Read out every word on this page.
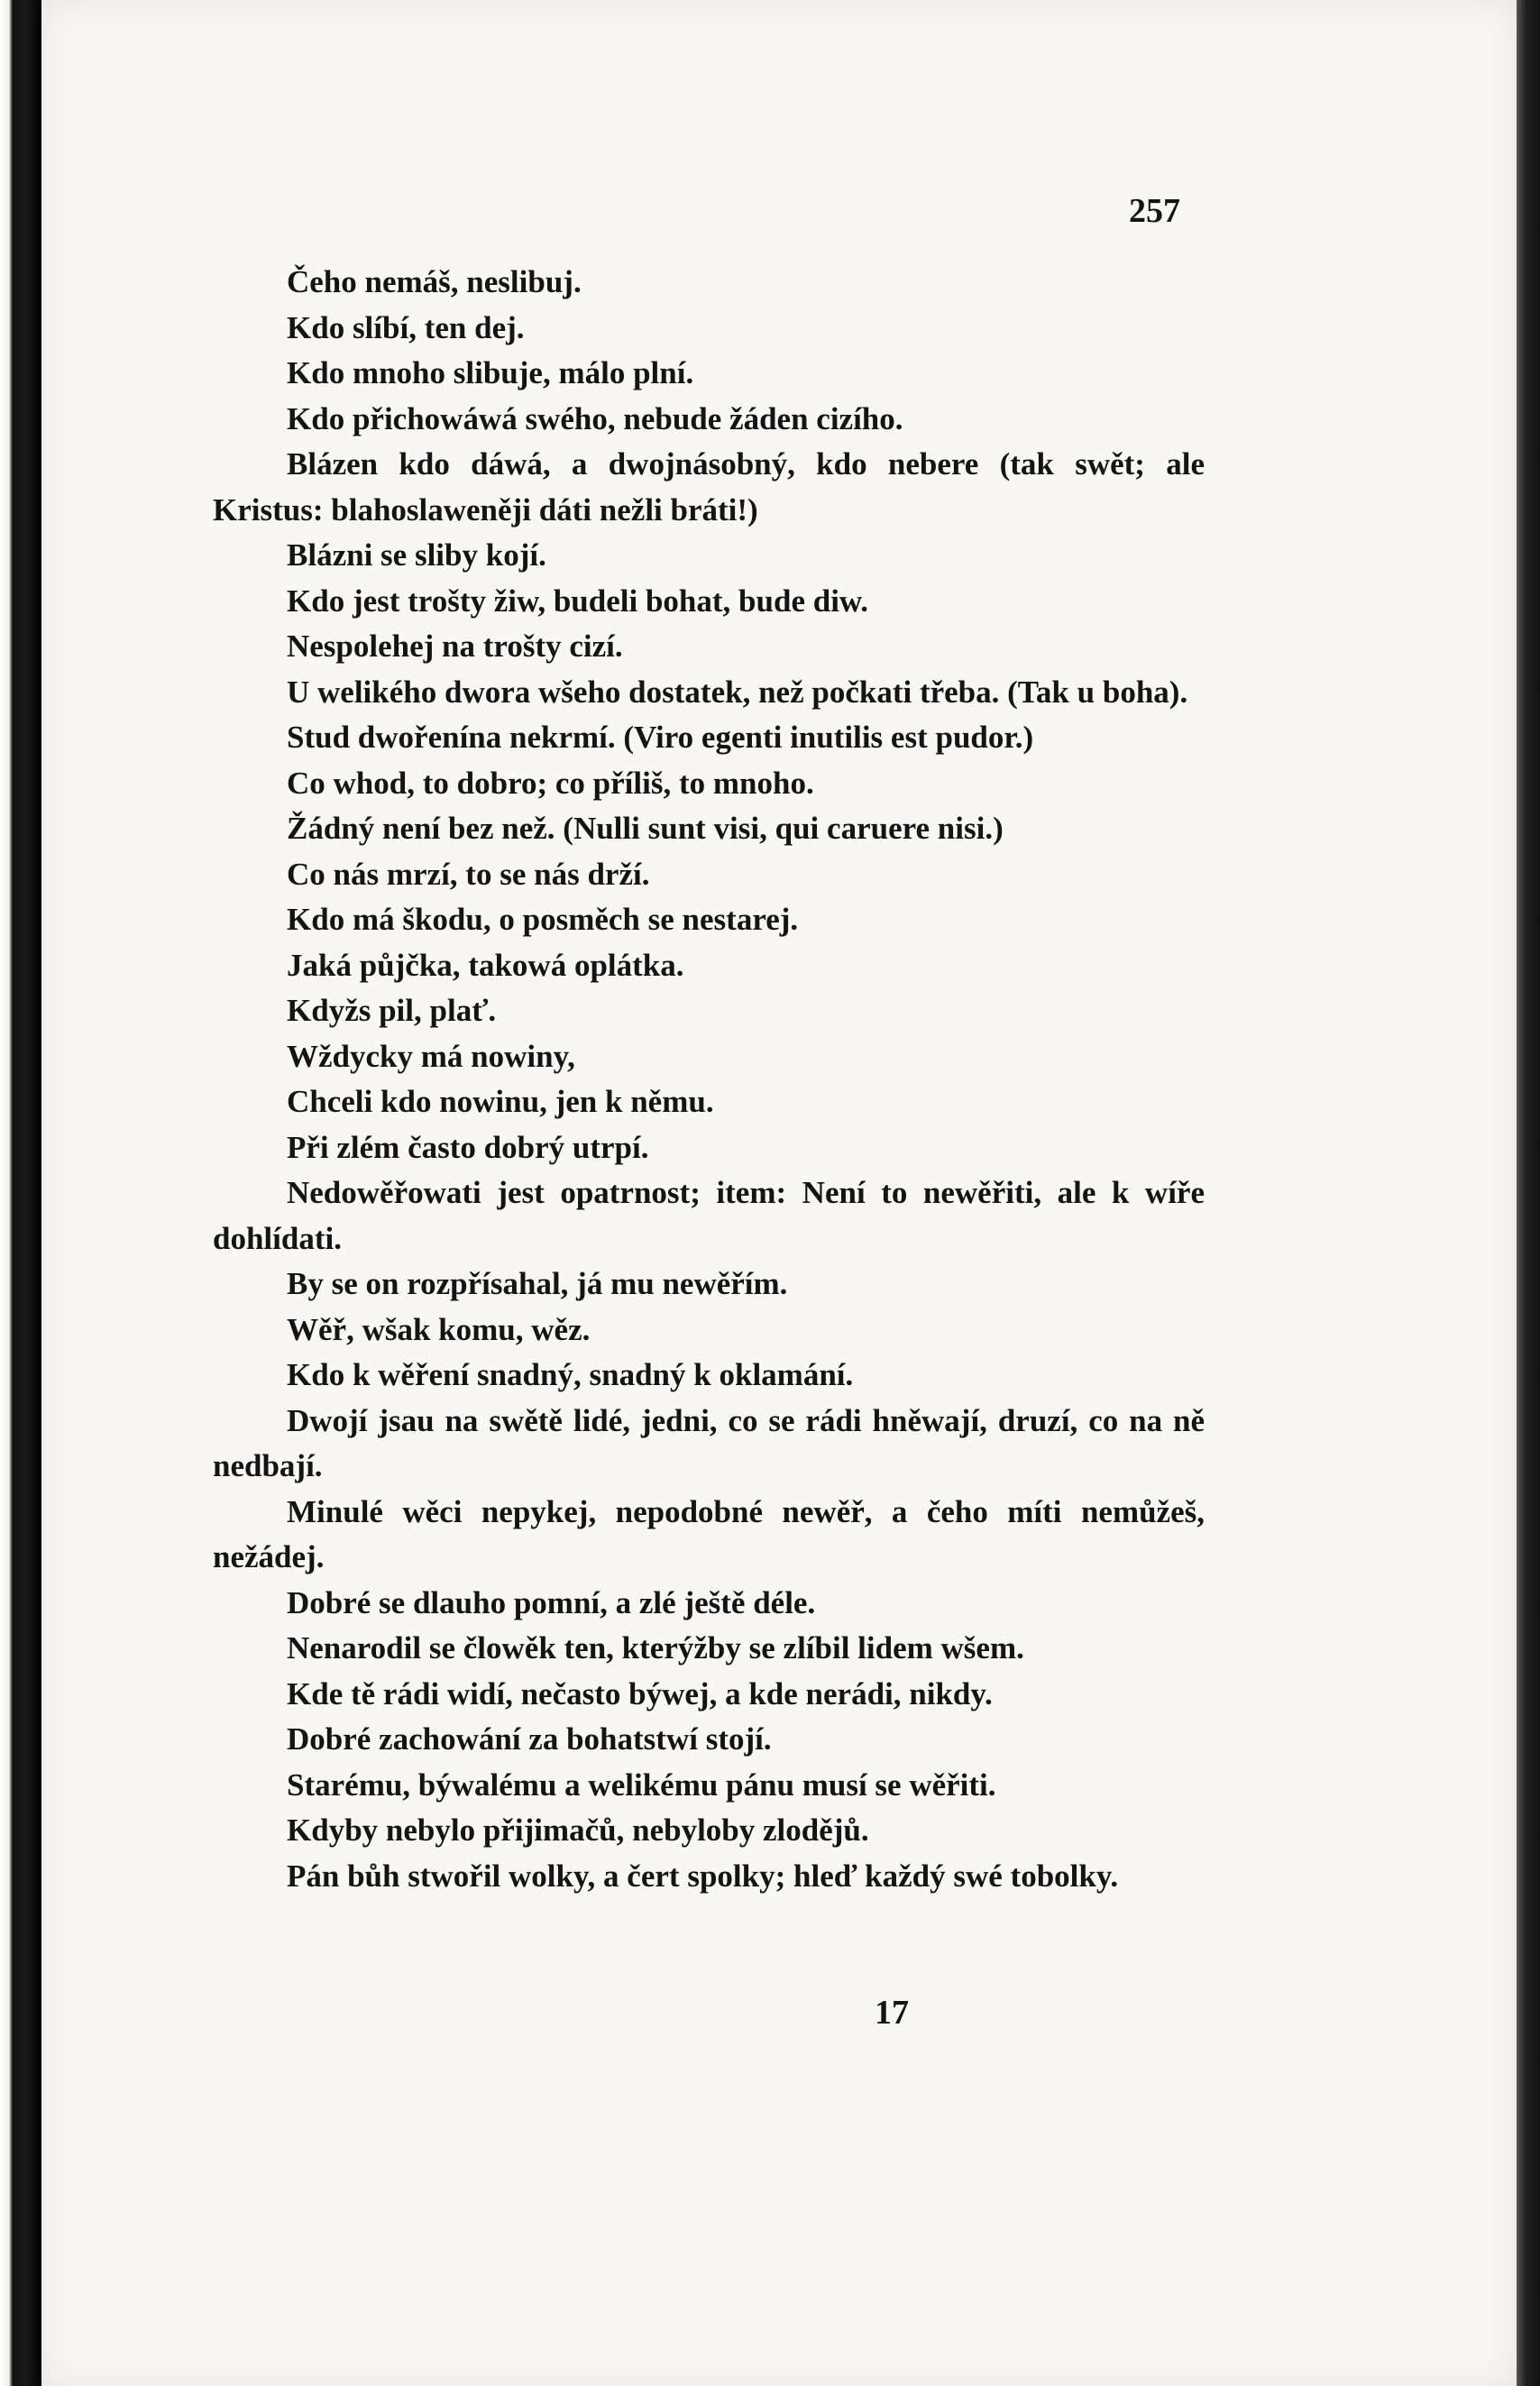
257

Čeho nemáš, neslibuj.

Kdo slíbí, ten dej.

Kdo mnoho slibuje, málo plní.

Kdo přichowáwá swého, nebude žáden cizího.

Blázen kdo dáwá, a dwojnásobný, kdo nebere (tak swět; ale Kristus: blahoslaweněji dáti nežli bráti!)

Blázni se sliby kojí.

Kdo jest trošty žiw, budeli bohat, bude diw.

Nespolehej na trošty cizí.

U welikého dwora wšeho dostatek, než počkati třeba. (Tak u boha).

Stud dwořenína nekrmí. (Viro egenti inutilis est pudor.)

Co whod, to dobro; co příliš, to mnoho.

Žádný není bez než. (Nulli sunt visi, qui caruere nisi.)

Co nás mrzí, to se nás drží.

Kdo má škodu, o posměch se nestarej.

Jaká půjčka, takowá oplátka.

Kdyžs pil, plať.

Wždycky má nowiny,

Chceli kdo nowinu, jen k němu.

Při zlém často dobrý utrpí.

Nedowěřowati jest opatrnost; item: Není to newěřiti, ale k wíře dohlídati.

By se on rozpřísahal, já mu newěřím.

Wěř, wšak komu, wěz.

Kdo k wěření snadný, snadný k oklamání.

Dwojí jsau na swětě lidé, jedni, co se rádi hněwají, druzí, co na ně nedbají.

Minulé wěci nepykej, nepodobné newěř, a čeho míti nemůžeš, nežádej.

Dobré se dlauho pomní, a zlé ještě déle.

Nenarodil se člowěk ten, kterýžby se zlíbil lidem wšem.

Kde tě rádi widí, nečasto býwej, a kde nerádi, nikdy.

Dobré zachowání za bohatstwí stojí.

Starému, býwalému a welikému pánu musí se wěřiti.

Kdyby nebylo přijimačů, nebyloby zlodějů.

Pán bůh stwořil wolky, a čert spolky; hleď každý swé tobolky.

17
